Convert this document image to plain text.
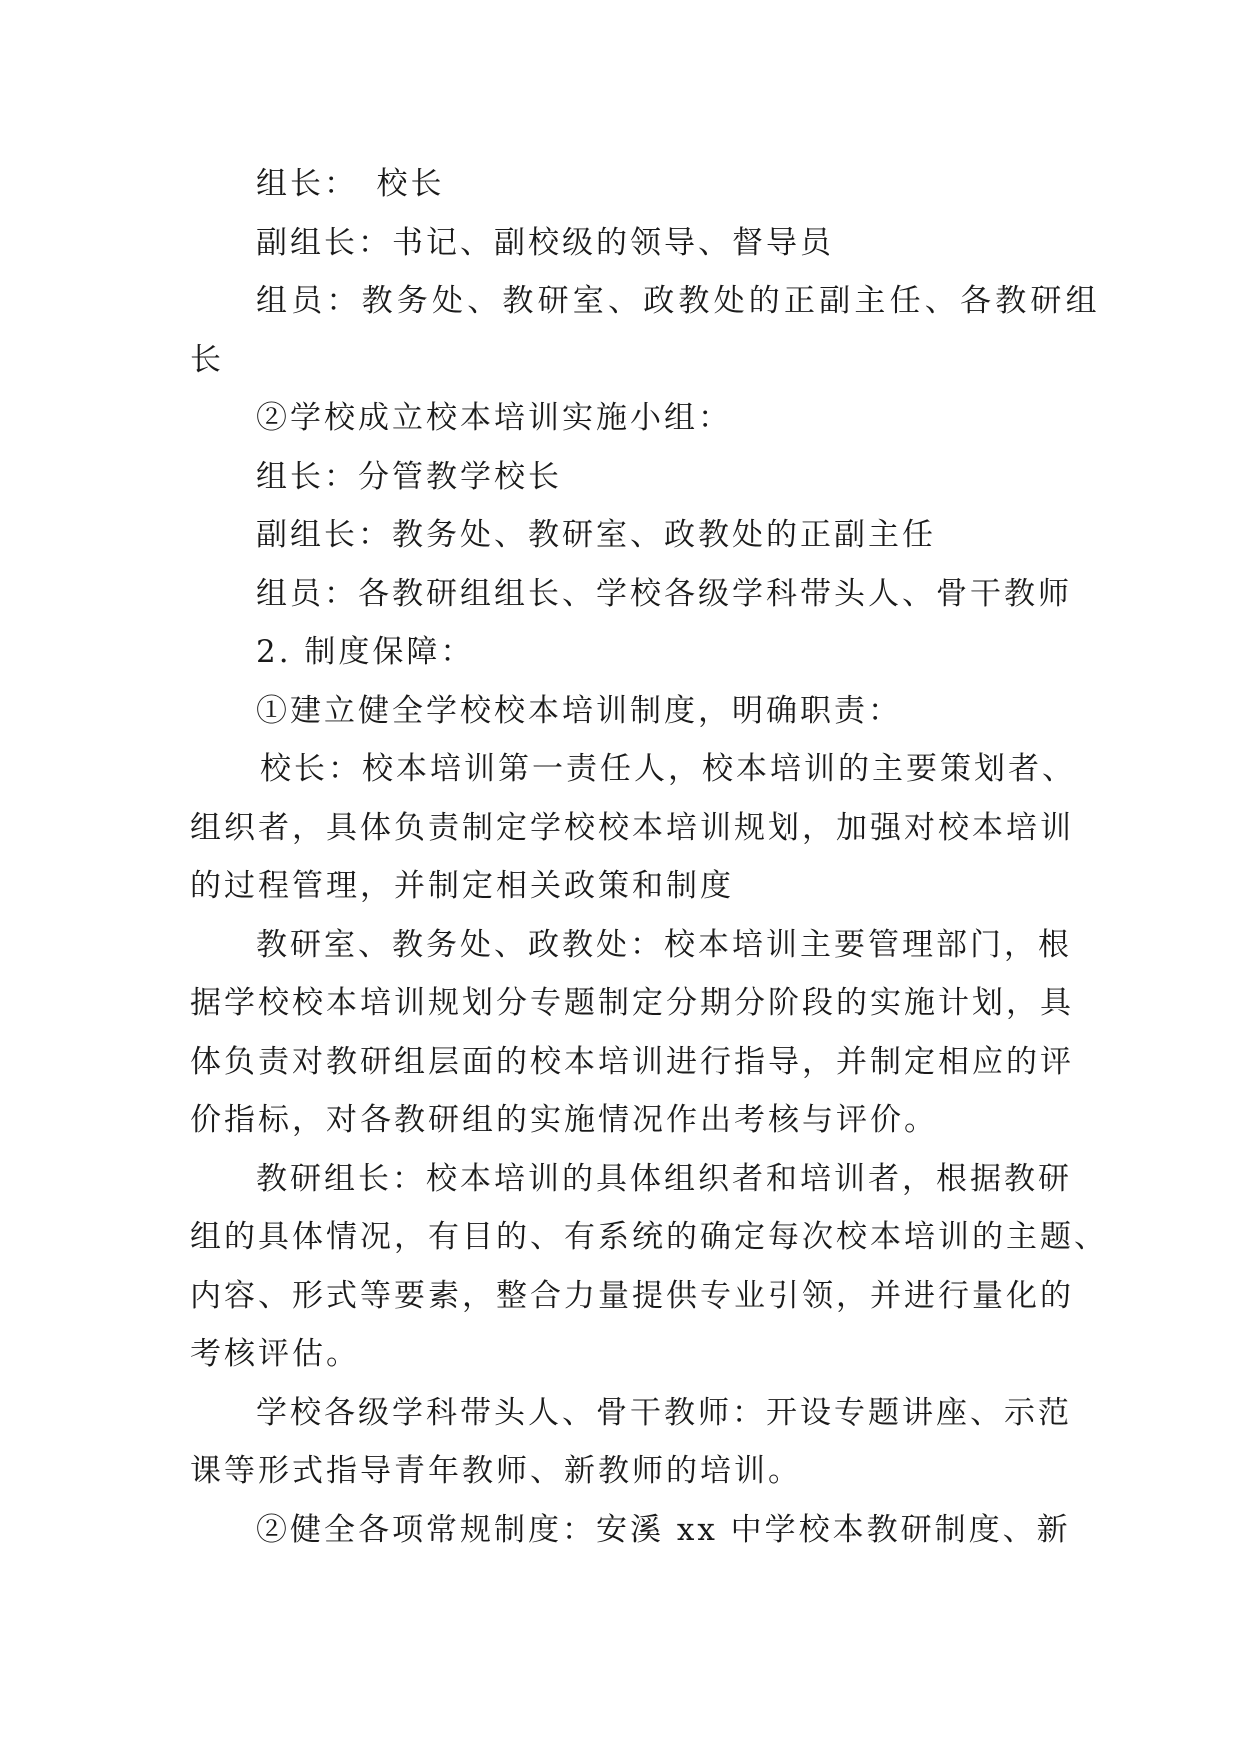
组长：　校长
副组长：书记、副校级的领导、督导员
组员：教务处、教研室、政教处的正副主任、各教研组
长
②学校成立校本培训实施小组：
组长：分管教学校长
副组长：教务处、教研室、政教处的正副主任
组员：各教研组组长、学校各级学科带头人、骨干教师
2. 制度保障：
①建立健全学校校本培训制度，明确职责：
校长：校本培训第一责任人，校本培训的主要策划者、
组织者，具体负责制定学校校本培训规划，加强对校本培训
的过程管理，并制定相关政策和制度
教研室、教务处、政教处：校本培训主要管理部门，根
据学校校本培训规划分专题制定分期分阶段的实施计划，具
体负责对教研组层面的校本培训进行指导，并制定相应的评
价指标，对各教研组的实施情况作出考核与评价。
教研组长：校本培训的具体组织者和培训者，根据教研
组的具体情况，有目的、有系统的确定每次校本培训的主题、
内容、形式等要素，整合力量提供专业引领，并进行量化的
考核评估。
学校各级学科带头人、骨干教师：开设专题讲座、示范
课等形式指导青年教师、新教师的培训。
②健全各项常规制度：安溪 xx 中学校本教研制度、新
